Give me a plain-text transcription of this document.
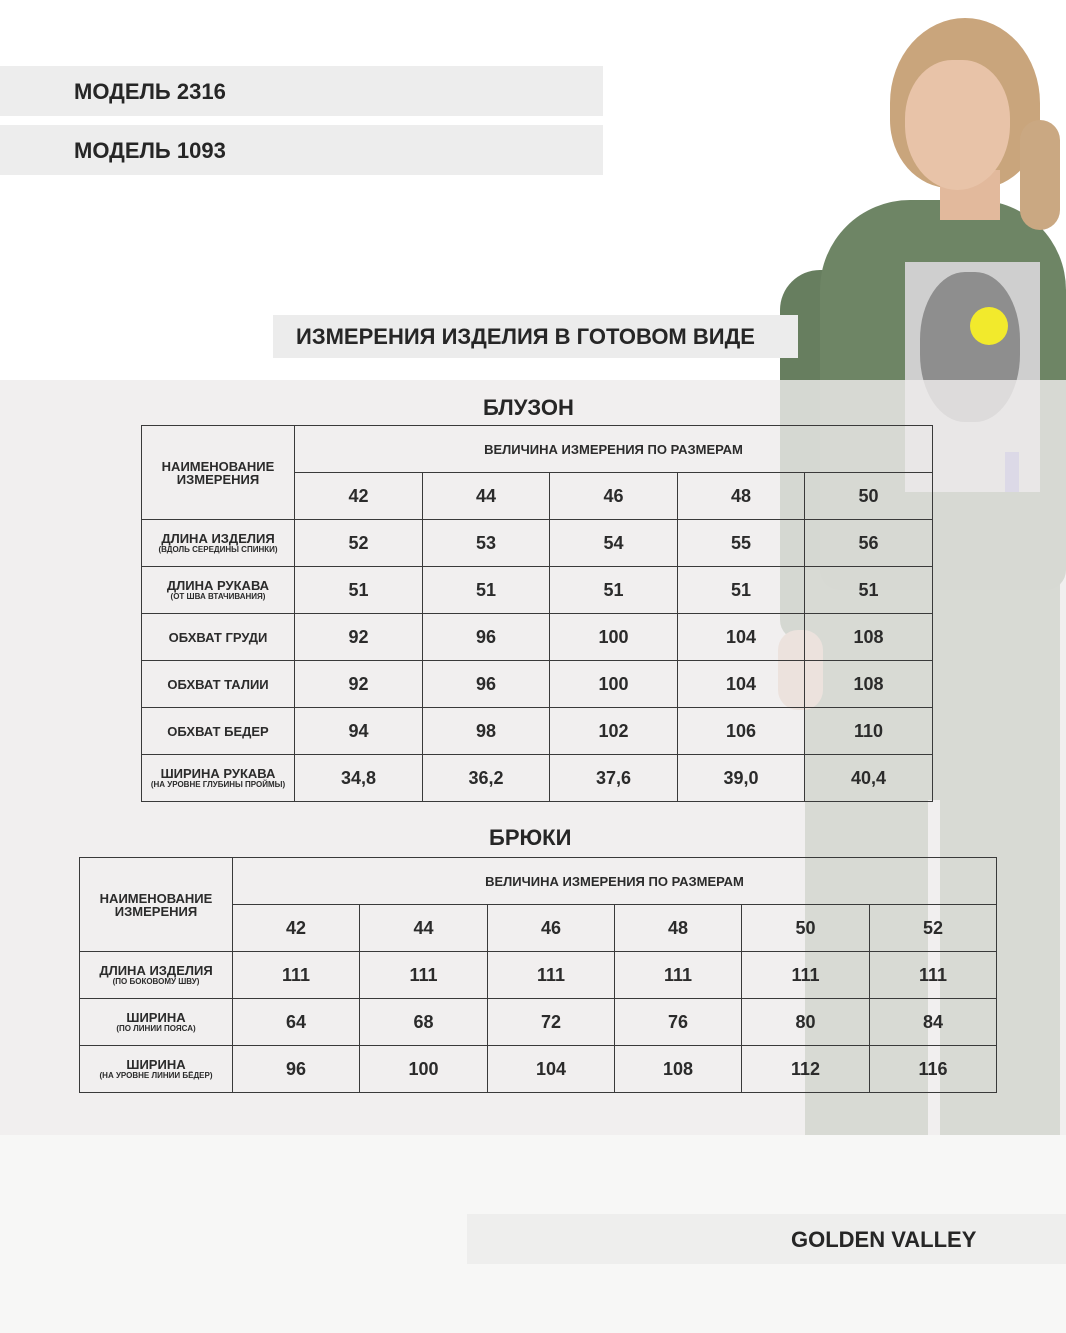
МОДЕЛЬ 2316
МОДЕЛЬ 1093
ИЗМЕРЕНИЯ ИЗДЕЛИЯ В ГОТОВОМ ВИДЕ
БЛУЗОН
НАИМЕНОВАНИЕ ИЗМЕРЕНИЯ	ВЕЛИЧИНА ИЗМЕРЕНИЯ ПО РАЗМЕРАМ				
	42	44	46	48	50

ДЛИНА ИЗДЕЛИЯ
(ВДОЛЬ СЕРЕДИНЫ СПИНКИ)	52	53	54	55	56

ДЛИНА РУКАВА
(ОТ ШВА ВТАЧИВАНИЯ)	51	51	51	51	51
ОБХВАТ ГРУДИ	92	96	100	104	108
ОБХВАТ ТАЛИИ	92	96	100	104	108
ОБХВАТ БЕДЕР	94	98	102	106	110

ШИРИНА РУКАВА
(НА УРОВНЕ ГЛУБИНЫ ПРОЙМЫ)	34,8	36,2	37,6	39,0	40,4
БРЮКИ
НАИМЕНОВАНИЕ ИЗМЕРЕНИЯ	ВЕЛИЧИНА ИЗМЕРЕНИЯ ПО РАЗМЕРАМ					
	42	44	46	48	50	52

ДЛИНА ИЗДЕЛИЯ
(ПО БОКОВОМУ ШВУ)	111	111	111	111	111	111

ШИРИНА
(ПО ЛИНИИ ПОЯСА)	64	68	72	76	80	84

ШИРИНА
(НА УРОВНЕ ЛИНИИ БЁДЕР)	96	100	104	108	112	116
GOLDEN VALLEY
